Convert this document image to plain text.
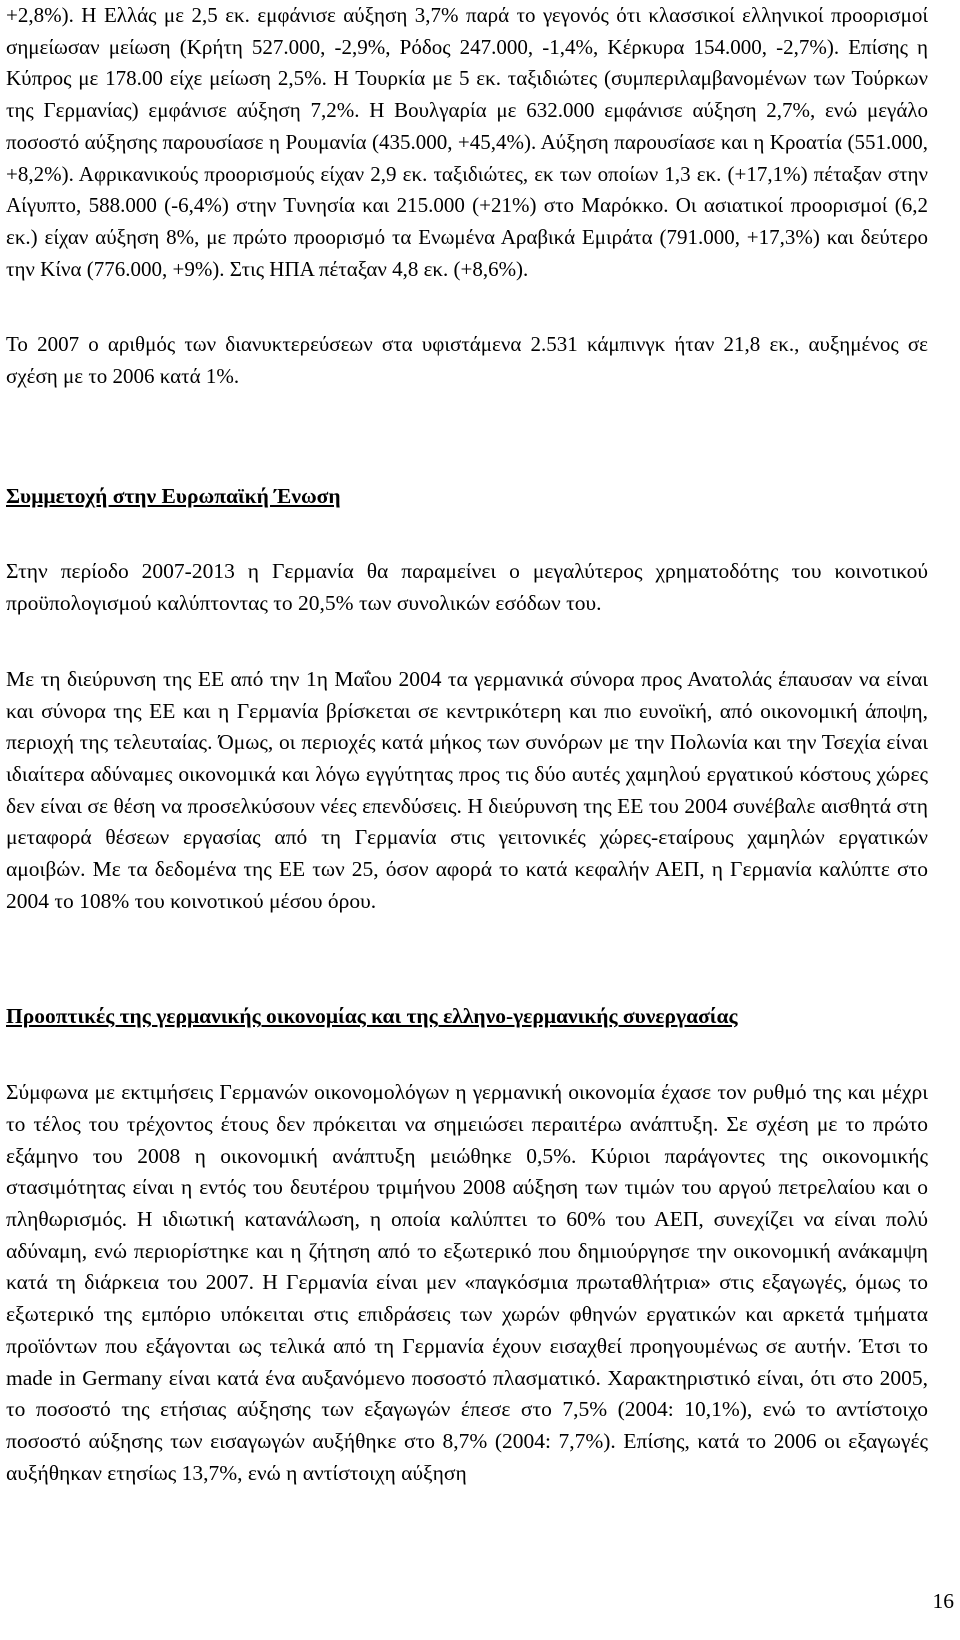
+2,8%). Η Ελλάς με 2,5 εκ. εμφάνισε αύξηση 3,7% παρά το γεγονός ότι κλασσικοί ελληνικοί προορισμοί σημείωσαν μείωση (Κρήτη 527.000, -2,9%, Ρόδος 247.000, -1,4%, Κέρκυρα 154.000, -2,7%). Επίσης η Κύπρος με 178.00 είχε μείωση 2,5%. Η Τουρκία με 5 εκ. ταξιδιώτες (συμπεριλαμβανομένων των Τούρκων της Γερμανίας) εμφάνισε αύξηση 7,2%. Η Βουλγαρία με 632.000 εμφάνισε αύξηση 2,7%, ενώ μεγάλο ποσοστό αύξησης παρουσίασε η Ρουμανία (435.000, +45,4%). Αύξηση παρουσίασε και η Κροατία (551.000, +8,2%). Αφρικανικούς προορισμούς είχαν 2,9 εκ. ταξιδιώτες, εκ των οποίων 1,3 εκ. (+17,1%) πέταξαν στην Αίγυπτο, 588.000 (-6,4%) στην Τυνησία και 215.000 (+21%) στο Μαρόκκο. Οι ασιατικοί προορισμοί (6,2 εκ.) είχαν αύξηση 8%, με πρώτο προορισμό τα Ενωμένα Αραβικά Εμιράτα (791.000, +17,3%) και δεύτερο την Κίνα (776.000, +9%). Στις ΗΠΑ πέταξαν 4,8 εκ. (+8,6%).

Το 2007 ο αριθμός των διανυκτερεύσεων στα υφιστάμενα 2.531 κάμπινγκ ήταν 21,8 εκ., αυξημένος σε σχέση με το 2006 κατά 1%.

Συμμετοχή στην Ευρωπαϊκή Ένωση

Στην περίοδο 2007-2013 η Γερμανία θα παραμείνει ο μεγαλύτερος χρηματοδότης του κοινοτικού προϋπολογισμού καλύπτοντας το 20,5% των συνολικών εσόδων του.

Με τη διεύρυνση της ΕΕ από την 1η Μαΐου 2004 τα γερμανικά σύνορα προς Ανατολάς έπαυσαν να είναι και σύνορα της ΕΕ και η Γερμανία βρίσκεται σε κεντρικότερη και πιο ευνοϊκή, από οικονομική άποψη, περιοχή της τελευταίας. Όμως, οι περιοχές κατά μήκος των συνόρων με την Πολωνία και την Τσεχία είναι ιδιαίτερα αδύναμες οικονομικά και λόγω εγγύτητας προς τις δύο αυτές χαμηλού εργατικού κόστους χώρες δεν είναι σε θέση να προσελκύσουν νέες επενδύσεις. Η διεύρυνση της ΕΕ του 2004 συνέβαλε αισθητά στη μεταφορά θέσεων εργασίας από τη Γερμανία στις γειτονικές χώρες-εταίρους χαμηλών εργατικών αμοιβών. Με τα δεδομένα της ΕΕ των 25, όσον αφορά το κατά κεφαλήν ΑΕΠ, η Γερμανία καλύπτε στο 2004 το 108% του κοινοτικού μέσου όρου.

Προοπτικές της γερμανικής οικονομίας και της ελληνο-γερμανικής συνεργασίας

Σύμφωνα με εκτιμήσεις Γερμανών οικονομολόγων η γερμανική οικονομία έχασε τον ρυθμό της και μέχρι το τέλος του τρέχοντος έτους δεν πρόκειται να σημειώσει περαιτέρω ανάπτυξη. Σε σχέση με το πρώτο εξάμηνο του 2008 η οικονομική ανάπτυξη μειώθηκε 0,5%. Κύριοι παράγοντες της οικονομικής στασιμότητας είναι η εντός του δευτέρου τριμήνου 2008 αύξηση των τιμών του αργού πετρελαίου και ο πληθωρισμός. Η ιδιωτική κατανάλωση, η οποία καλύπτει το 60% του ΑΕΠ, συνεχίζει να είναι πολύ αδύναμη, ενώ περιορίστηκε και η ζήτηση από το εξωτερικό που δημιούργησε την οικονομική ανάκαμψη κατά τη διάρκεια του 2007. Η Γερμανία είναι μεν «παγκόσμια πρωταθλήτρια» στις εξαγωγές, όμως το εξωτερικό της εμπόριο υπόκειται στις επιδράσεις των χωρών φθηνών εργατικών και αρκετά τμήματα προϊόντων που εξάγονται ως τελικά από τη Γερμανία έχουν εισαχθεί προηγουμένως σε αυτήν. Έτσι το made in Germany είναι κατά ένα αυξανόμενο ποσοστό πλασματικό. Χαρακτηριστικό είναι, ότι στο 2005, το ποσοστό της ετήσιας αύξησης των εξαγωγών έπεσε στο 7,5% (2004: 10,1%), ενώ το αντίστοιχο ποσοστό αύξησης των εισαγωγών αυξήθηκε στο 8,7% (2004: 7,7%). Επίσης, κατά το 2006 οι εξαγωγές αυξήθηκαν ετησίως 13,7%, ενώ η αντίστοιχη αύξηση

16
